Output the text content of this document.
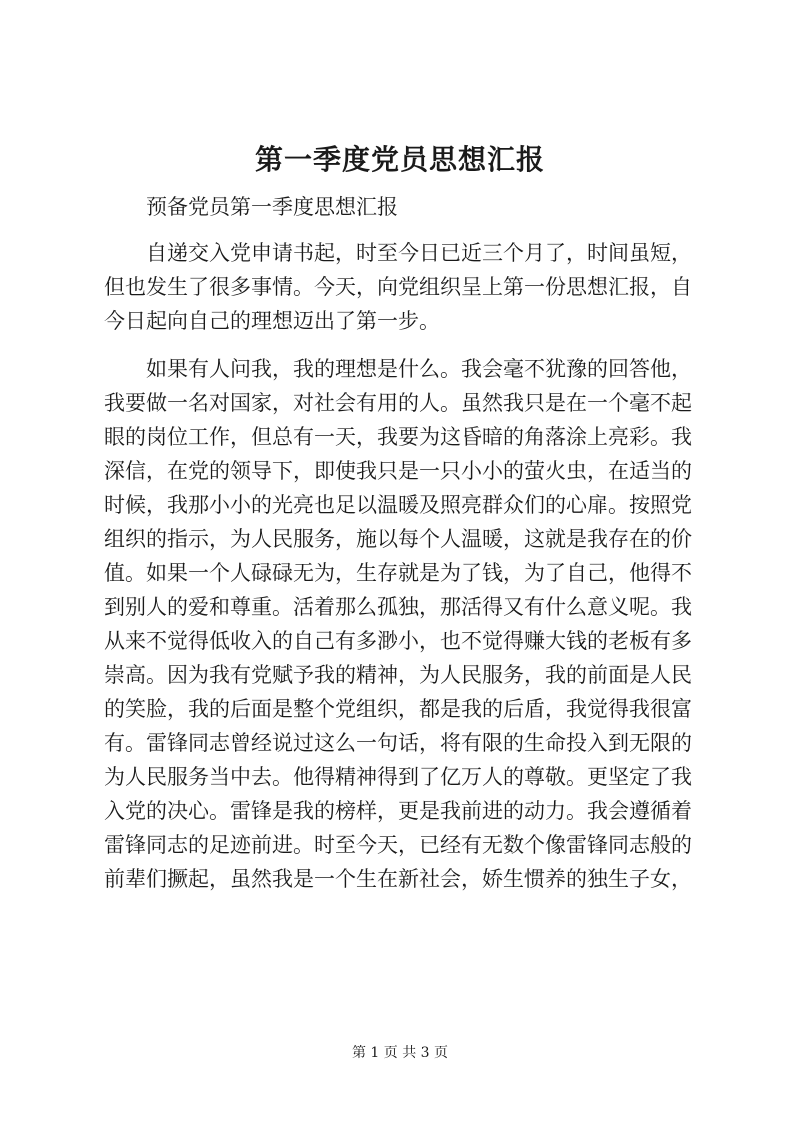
第一季度党员思想汇报
预备党员第一季度思想汇报
自递交入党申请书起，时至今日已近三个月了，时间虽短，
但也发生了很多事情。今天，向党组织呈上第一份思想汇报，自
今日起向自己的理想迈出了第一步。
如果有人问我，我的理想是什么。我会毫不犹豫的回答他，
我要做一名对国家，对社会有用的人。虽然我只是在一个毫不起
眼的岗位工作，但总有一天，我要为这昏暗的角落涂上亮彩。我
深信，在党的领导下，即使我只是一只小小的萤火虫，在适当的
时候，我那小小的光亮也足以温暖及照亮群众们的心扉。按照党
组织的指示，为人民服务，施以每个人温暖，这就是我存在的价
值。如果一个人碌碌无为，生存就是为了钱，为了自己，他得不
到别人的爱和尊重。活着那么孤独，那活得又有什么意义呢。我
从来不觉得低收入的自己有多渺小，也不觉得赚大钱的老板有多
崇高。因为我有党赋予我的精神，为人民服务，我的前面是人民
的笑脸，我的后面是整个党组织，都是我的后盾，我觉得我很富
有。雷锋同志曾经说过这么一句话，将有限的生命投入到无限的
为人民服务当中去。他得精神得到了亿万人的尊敬。更坚定了我
入党的决心。雷锋是我的榜样，更是我前进的动力。我会遵循着
雷锋同志的足迹前进。时至今天，已经有无数个像雷锋同志般的
前辈们撅起，虽然我是一个生在新社会，娇生惯养的独生子女，
第 1 页 共 3 页
